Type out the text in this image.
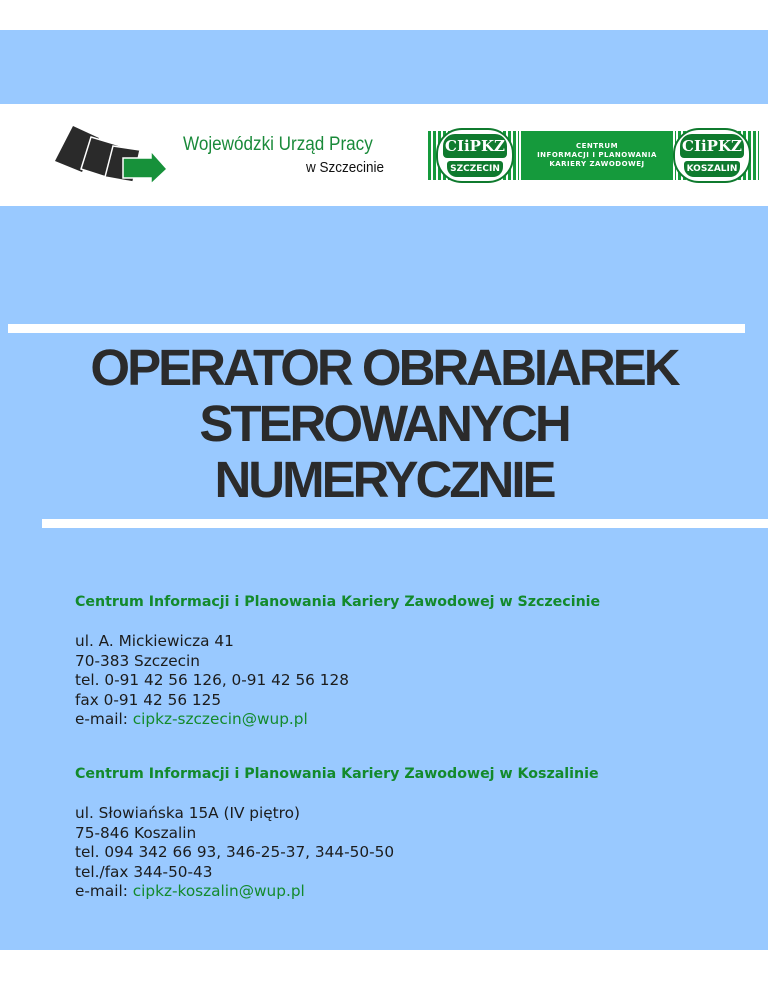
Wojewódzki Urząd Pracy
w Szczecinie
CIiPKZ
SZCZECIN
CENTRUM
INFORMACJI I PLANOWANIA
KARIERY ZAWODOWEJ
CIiPKZ
KOSZALIN
OPERATOR OBRABIAREK
STEROWANYCH
NUMERYCZNIE
Centrum Informacji i Planowania Kariery Zawodowej w Szczecinie
ul. A. Mickiewicza 41
70-383 Szczecin
tel. 0-91 42 56 126, 0-91 42 56 128
fax 0-91 42 56 125
e-mail: cipkz-szczecin@wup.pl
Centrum Informacji i Planowania Kariery Zawodowej w Koszalinie
ul. Słowiańska 15A (IV piętro)
75-846 Koszalin
tel. 094 342 66 93, 346-25-37, 344-50-50
tel./fax 344-50-43
e-mail: cipkz-koszalin@wup.pl
